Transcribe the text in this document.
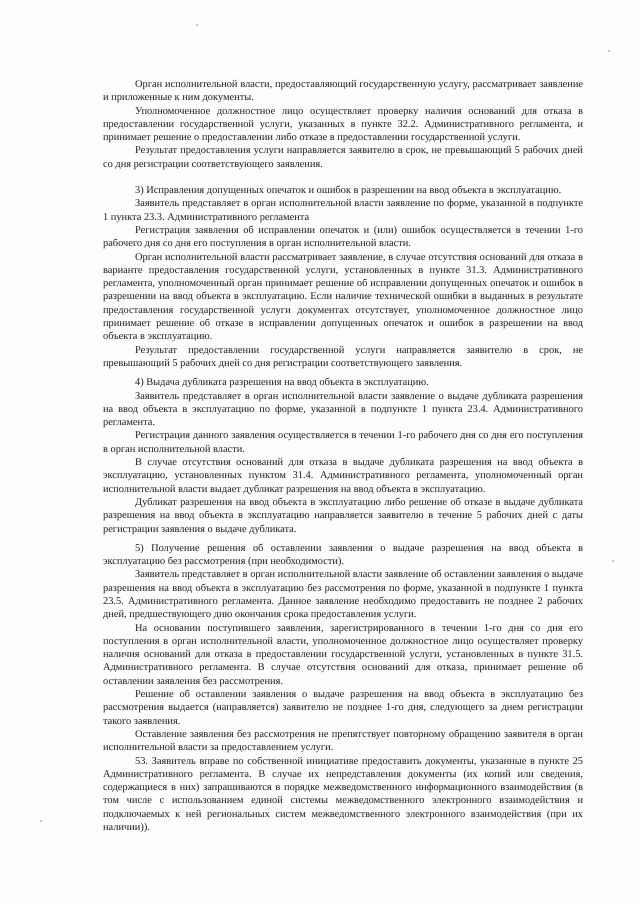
Орган исполнительной власти, предоставляющий государственную услугу, рассматривает заявление и приложенные к ним документы.

Уполномоченное должностное лицо осуществляет проверку наличия оснований для отказа в предоставлении государственной услуги, указанных в пункте 32.2. Административного регламента, и принимает решение о предоставлении либо отказе в предоставлении государственной услуги.

Результат предоставления услуги направляется заявителю в срок, не превышающий 5 рабочих дней со дня регистрации соответствующего заявления.

3) Исправления допущенных опечаток и ошибок в разрешении на ввод объекта в эксплуатацию.

Заявитель представляет в орган исполнительной власти заявление по форме, указанной в подпункте 1 пункта 23.3. Административного регламента

Регистрация заявления об исправлении опечаток и (или) ошибок осуществляется в течении 1-го рабочего дня со дня его поступления в орган исполнительной власти.

Орган исполнительной власти рассматривает заявление, в случае отсутствия оснований для отказа в варианте предоставления государственной услуги, установленных в пункте 31.3. Административного регламента, уполномоченный орган принимает решение об исправлении допущенных опечаток и ошибок в разрешении на ввод объекта в эксплуатацию. Если наличие технической ошибки в выданных в результате предоставления государственной услуги документах отсутствует, уполномоченное должностное лицо принимает решение об отказе в исправлении допущенных опечаток и ошибок в разрешении на ввод объекта в эксплуатацию.

Результат предоставлении государственной услуги направляется заявителю в срок, не превышающий 5 рабочих дней со дня регистрации соответствующего заявления.

4) Выдача дубликата разрешения на ввод объекта в эксплуатацию.

Заявитель представляет в орган исполнительной власти заявление о выдаче дубликата разрешения на ввод объекта в эксплуатацию по форме, указанной в подпункте 1 пункта 23.4. Административного регламента.

Регистрация данного заявления осуществляется в течении 1-го рабочего дня со дня его поступления в орган исполнительной власти.

В случае отсутствия оснований для отказа в выдаче дубликата разрешения на ввод объекта в эксплуатацию, установленных пунктом 31.4. Административного регламента, уполномоченный орган исполнительной власти выдает дубликат разрешения на ввод объекта в эксплуатацию.

Дубликат разрешения на ввод объекта в эксплуатацию либо решение об отказе в выдаче дубликата разрешения на ввод объекта в эксплуатацию направляется заявителю в течение 5 рабочих дней с даты регистрации заявления о выдаче дубликата.

5) Получение решения об оставлении заявления о выдаче разрешения на ввод объекта в эксплуатацию без рассмотрения (при необходимости).

Заявитель представляет в орган исполнительной власти заявление об оставлении заявления о выдаче разрешения на ввод объекта в эксплуатацию без рассмотрения по форме, указанной в подпункте 1 пункта 23.5. Административного регламента. Данное заявление необходимо предоставить не позднее 2 рабочих дней, предшествующего дню окончания срока предоставления услуги.

На основании поступившего заявления, зарегистрированного в течении 1-го дня со дня его поступления в орган исполнительной власти, уполномоченное должностное лицо осуществляет проверку наличия оснований для отказа в предоставлении государственной услуги, установленных в пункте 31.5. Административного регламента. В случае отсутствия оснований для отказа, принимает решение об оставлении заявления без рассмотрения.

Решение об оставлении заявления о выдаче разрешения на ввод объекта в эксплуатацию без рассмотрения выдается (направляется) заявителю не позднее 1-го дня, следующего за днем регистрации такого заявления.

Оставление заявления без рассмотрения не препятствует повторному обращению заявителя в орган исполнительной власти за предоставлением услуги.

53. Заявитель вправе по собственной инициативе предоставить документы, указанные в пункте 25 Административного регламента. В случае их непредставления документы (их копий или сведения, содержащиеся в них) запрашиваются в порядке межведомственного информационного взаимодействия (в том числе с использованием единой системы межведомственного электронного взаимодействия и подключаемых к ней региональных систем межведомственного электронного взаимодействия (при их наличии)).
